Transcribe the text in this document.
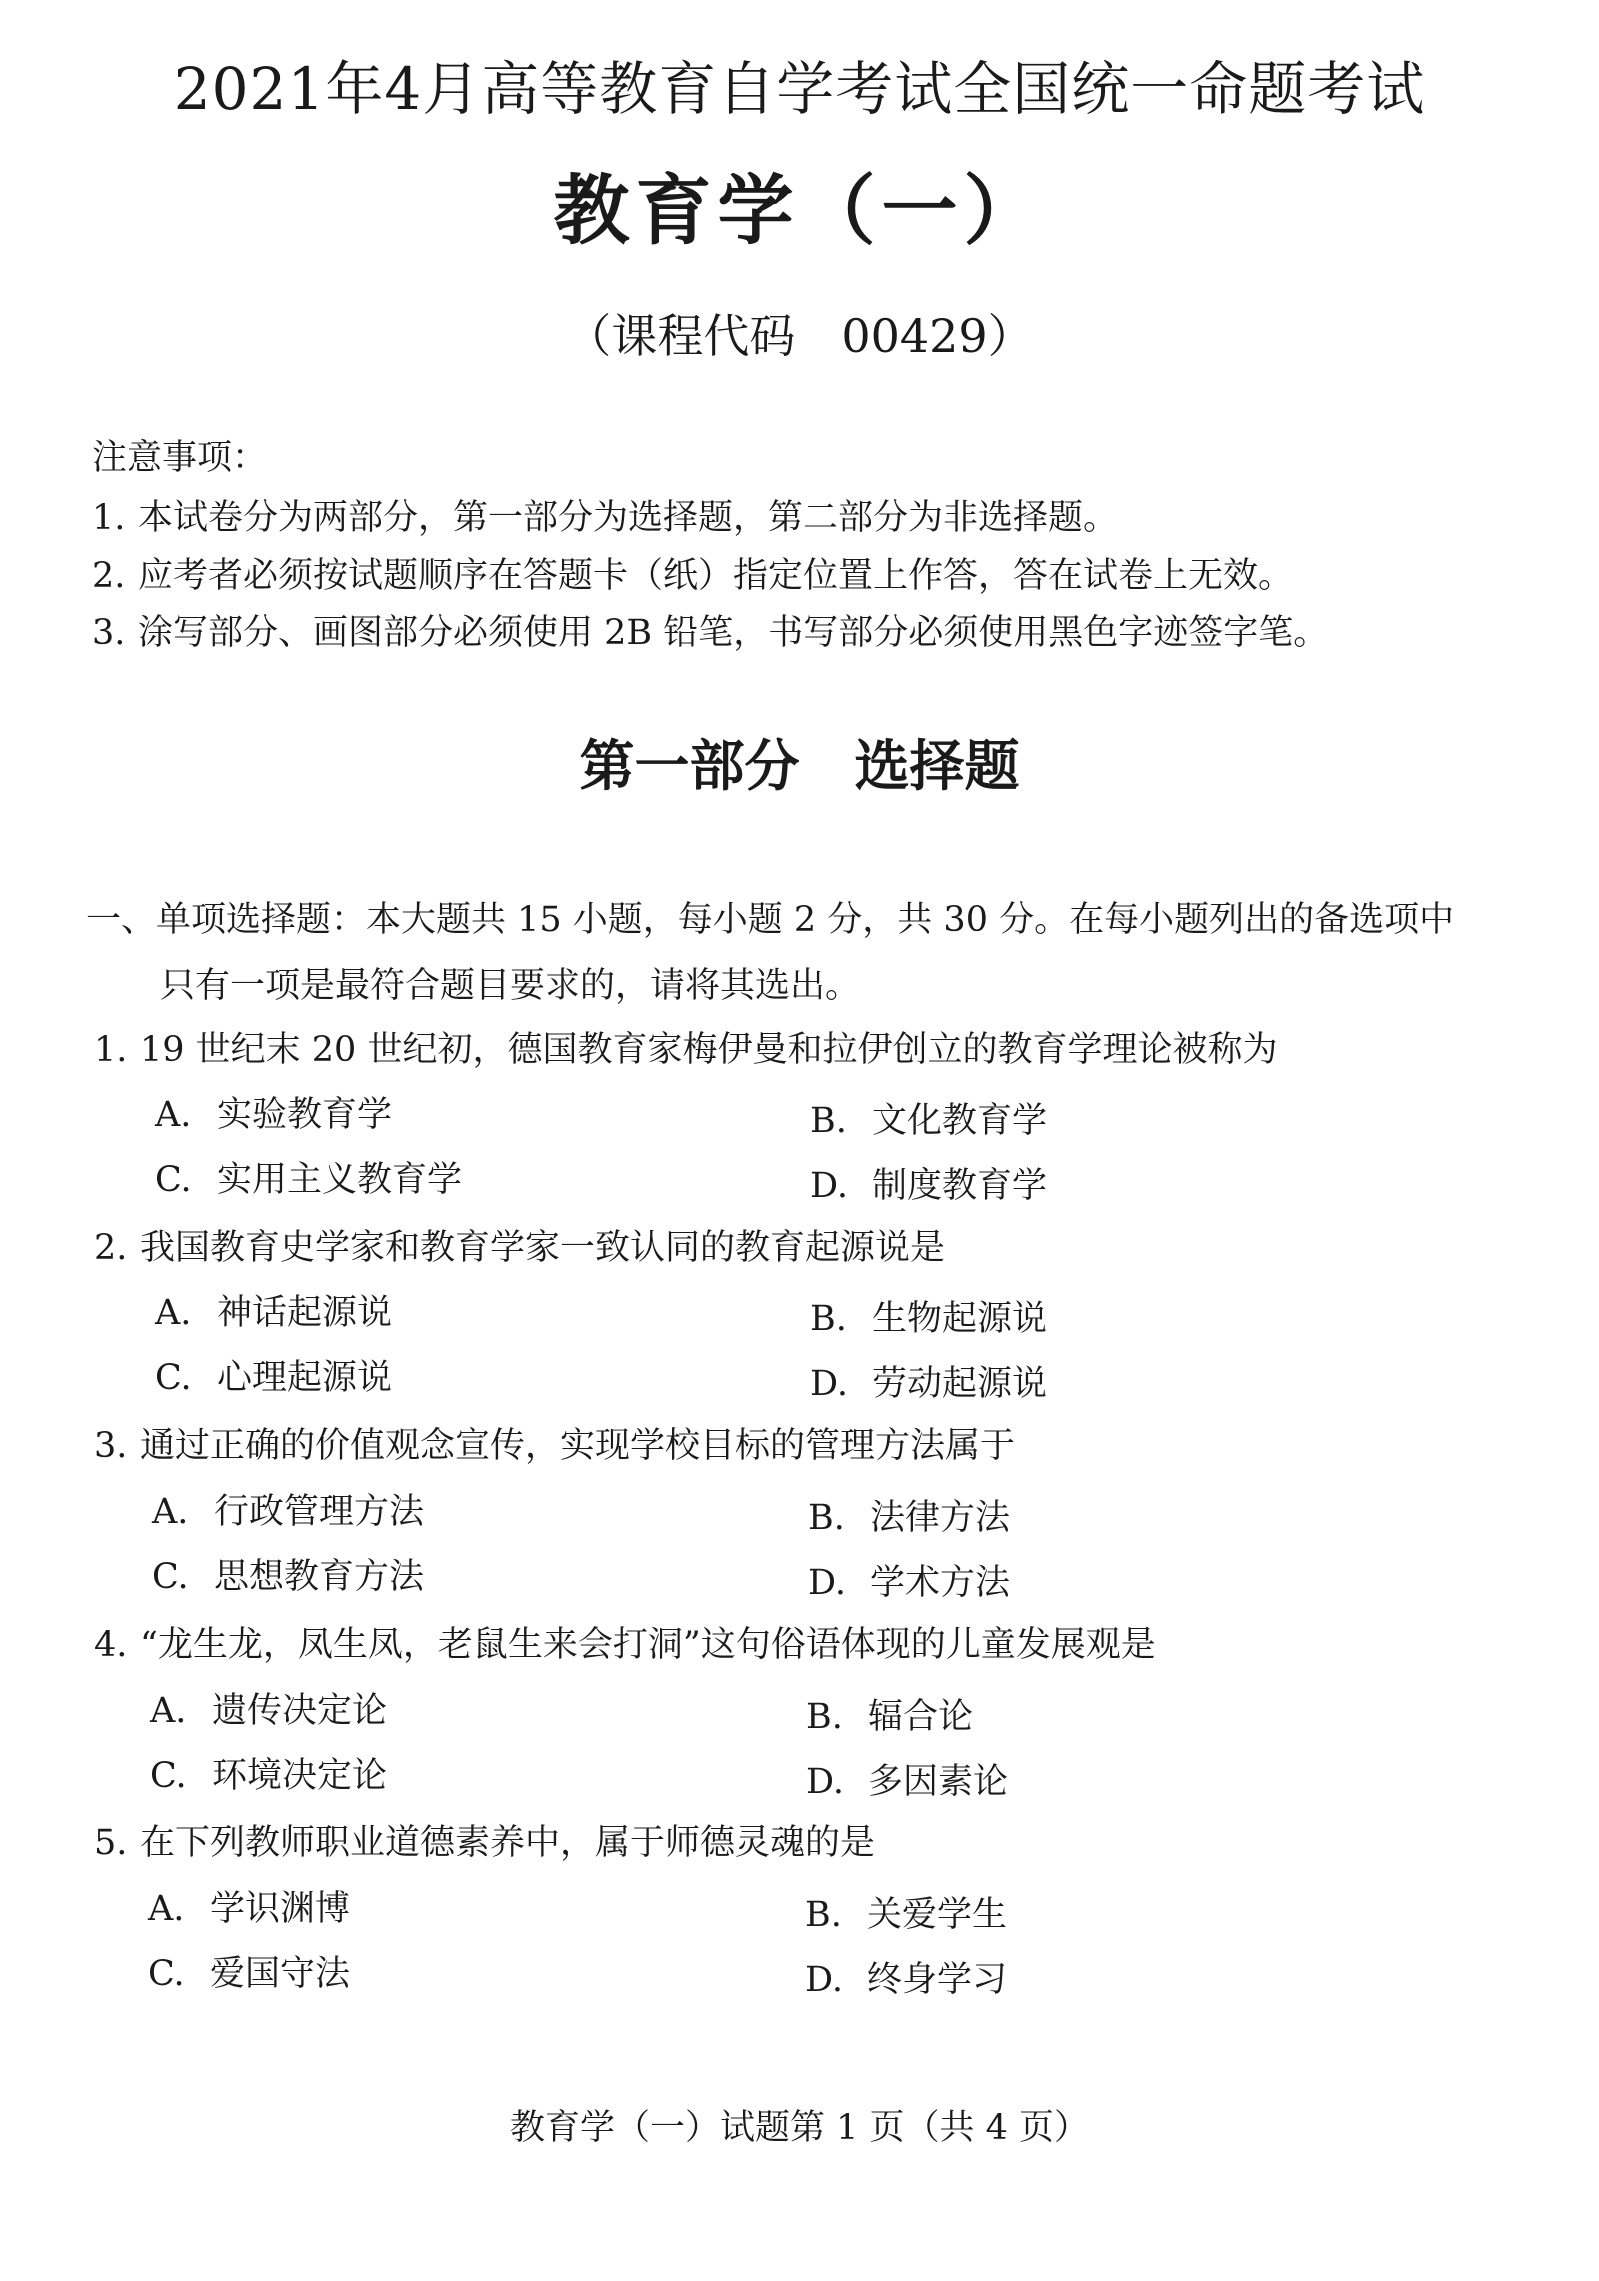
2021年4月高等教育自学考试全国统一命题考试
教育学（一）
（课程代码　00429）
注意事项：
1. 本试卷分为两部分，第一部分为选择题，第二部分为非选择题。
2. 应考者必须按试题顺序在答题卡（纸）指定位置上作答，答在试卷上无效。
3. 涂写部分、画图部分必须使用 2B 铅笔，书写部分必须使用黑色字迹签字笔。
第一部分　选择题
一、单项选择题：本大题共 15 小题，每小题 2 分，共 30 分。在每小题列出的备选项中
只有一项是最符合题目要求的，请将其选出。
1. 19 世纪末 20 世纪初，德国教育家梅伊曼和拉伊创立的教育学理论被称为
A. 实验教育学	B. 文化教育学
C. 实用主义教育学	D. 制度教育学
2. 我国教育史学家和教育学家一致认同的教育起源说是
A. 神话起源说	B. 生物起源说
C. 心理起源说	D. 劳动起源说
3. 通过正确的价值观念宣传，实现学校目标的管理方法属于
A. 行政管理方法	B. 法律方法
C. 思想教育方法	D. 学术方法
4. “龙生龙，凤生凤，老鼠生来会打洞”这句俗语体现的儿童发展观是
A. 遗传决定论	B. 辐合论
C. 环境决定论	D. 多因素论
5. 在下列教师职业道德素养中，属于师德灵魂的是
A. 学识渊博	B. 关爱学生
C. 爱国守法	D. 终身学习
教育学（一）试题第 1 页（共 4 页）
